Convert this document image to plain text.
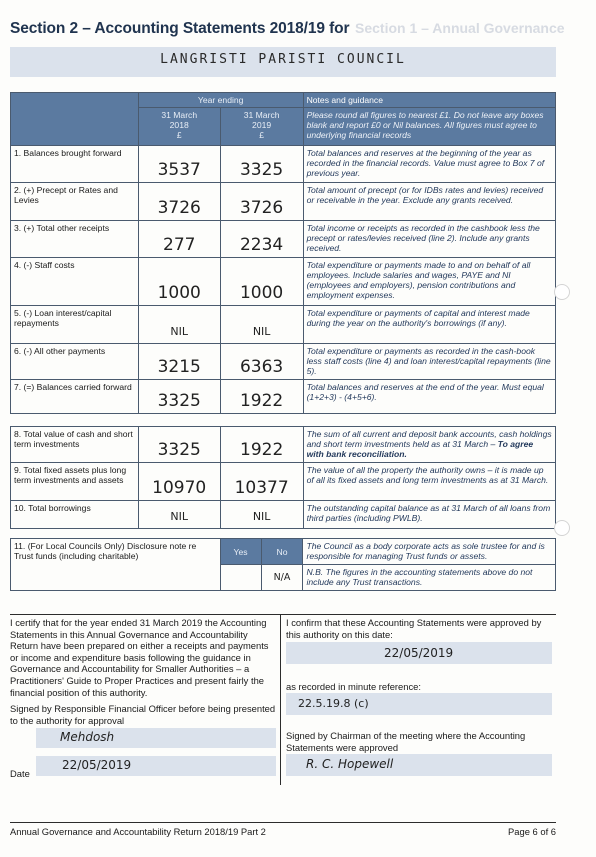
Section 1 – Annual Governance
Section 2 – Accounting Statements 2018/19 for
LANGRISTI PARISTI COUNCIL
	Year ending		Notes and guidance
	31 March
2018
£	31 March
2019
£	Please round all figures to nearest £1. Do not leave any boxes blank and report £0 or Nil balances. All figures must agree to underlying financial records
1. Balances brought forward	3537	3325	Total balances and reserves at the beginning of the year as recorded in the financial records. Value must agree to Box 7 of previous year.
2. (+) Precept or Rates and Levies	3726	3726	Total amount of precept (or for IDBs rates and levies) received or receivable in the year. Exclude any grants received.
3. (+) Total other receipts	277	2234	Total income or receipts as recorded in the cashbook less the precept or rates/levies received (line 2). Include any grants received.
4. (-) Staff costs	1000	1000	Total expenditure or payments made to and on behalf of all employees. Include salaries and wages, PAYE and NI (employees and employers), pension contributions and employment expenses.
5. (-) Loan interest/capital repayments	NIL	NIL	Total expenditure or payments of capital and interest made during the year on the authority's borrowings (if any).
6. (-) All other payments	3215	6363	Total expenditure or payments as recorded in the cash-book less staff costs (line 4) and loan interest/capital repayments (line 5).
7. (=) Balances carried forward	3325	1922	Total balances and reserves at the end of the year. Must equal (1+2+3) - (4+5+6).
8. Total value of cash and short term investments	3325	1922	The sum of all current and deposit bank accounts, cash holdings and short term investments held as at 31 March – To agree with bank reconciliation.
9. Total fixed assets plus long term investments and assets	10970	10377	The value of all the property the authority owns – it is made up of all its fixed assets and long term investments as at 31 March.
10. Total borrowings	NIL	NIL	The outstanding capital balance as at 31 March of all loans from third parties (including PWLB).
11. (For Local Councils Only) Disclosure note re Trust funds (including charitable)	Yes	No	The Council as a body corporate acts as sole trustee for and is responsible for managing Trust funds or assets.
		N/A	N.B. The figures in the accounting statements above do not include any Trust transactions.
I certify that for the year ended 31 March 2019 the Accounting Statements in this Annual Governance and Accountability Return have been prepared on either a receipts and payments or income and expenditure basis following the guidance in Governance and Accountability for Smaller Authorities – a Practitioners' Guide to Proper Practices and present fairly the financial position of this authority.
Signed by Responsible Financial Officer before being presented to the authority for approval
Mehdosh
Date
22/05/2019
I confirm that these Accounting Statements were approved by this authority on this date:
22/05/2019
as recorded in minute reference:
22.5.19.8 (c)
Signed by Chairman of the meeting where the Accounting Statements were approved
R. C. Hopewell
Annual Governance and Accountability Return 2018/19 Part 2	Page 6 of 6
